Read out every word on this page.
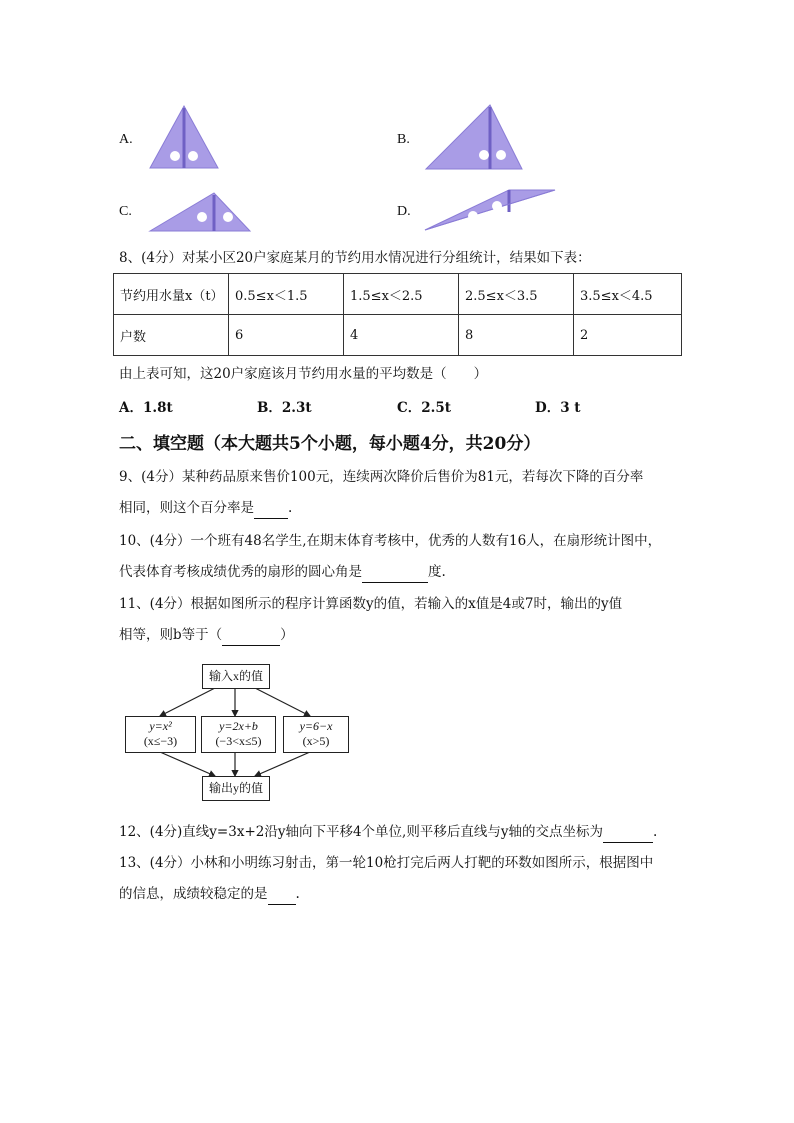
A.	B.
C.	D.
8、(4分）对某小区20户家庭某月的节约用水情况进行分组统计，结果如下表：
节约用水量x（t）	0.5≤x＜1.5	1.5≤x＜2.5	2.5≤x＜3.5	3.5≤x＜4.5
户数	6	4	8	2
由上表可知，这20户家庭该月节约用水量的平均数是（　　）
A．1.8t	B．2.3t	C．2.5t	D．3 t
二、填空题（本大题共5个小题，每小题4分，共20分）
9、(4分）某种药品原来售价100元，连续两次降价后售价为81元，若每次下降的百分率
相同，则这个百分率是	.
10、(4分）一个班有48名学生,在期末体育考核中，优秀的人数有16人，在扇形统计图中，
代表体育考核成绩优秀的扇形的圆心角是	度.
11、(4分）根据如图所示的程序计算函数y的值，若输入的x值是4或7时，输出的y值
相等，则b等于（	）
输入x的值
y=x²
(x≤−3)
y=2x+b
(−3<x≤5)
y=6−x
(x>5)
输出y的值
12、(4分)直线y=3x+2沿y轴向下平移4个单位,则平移后直线与y轴的交点坐标为	.
13、(4分）小林和小明练习射击，第一轮10枪打完后两人打靶的环数如图所示，根据图中
的信息，成绩较稳定的是 .
